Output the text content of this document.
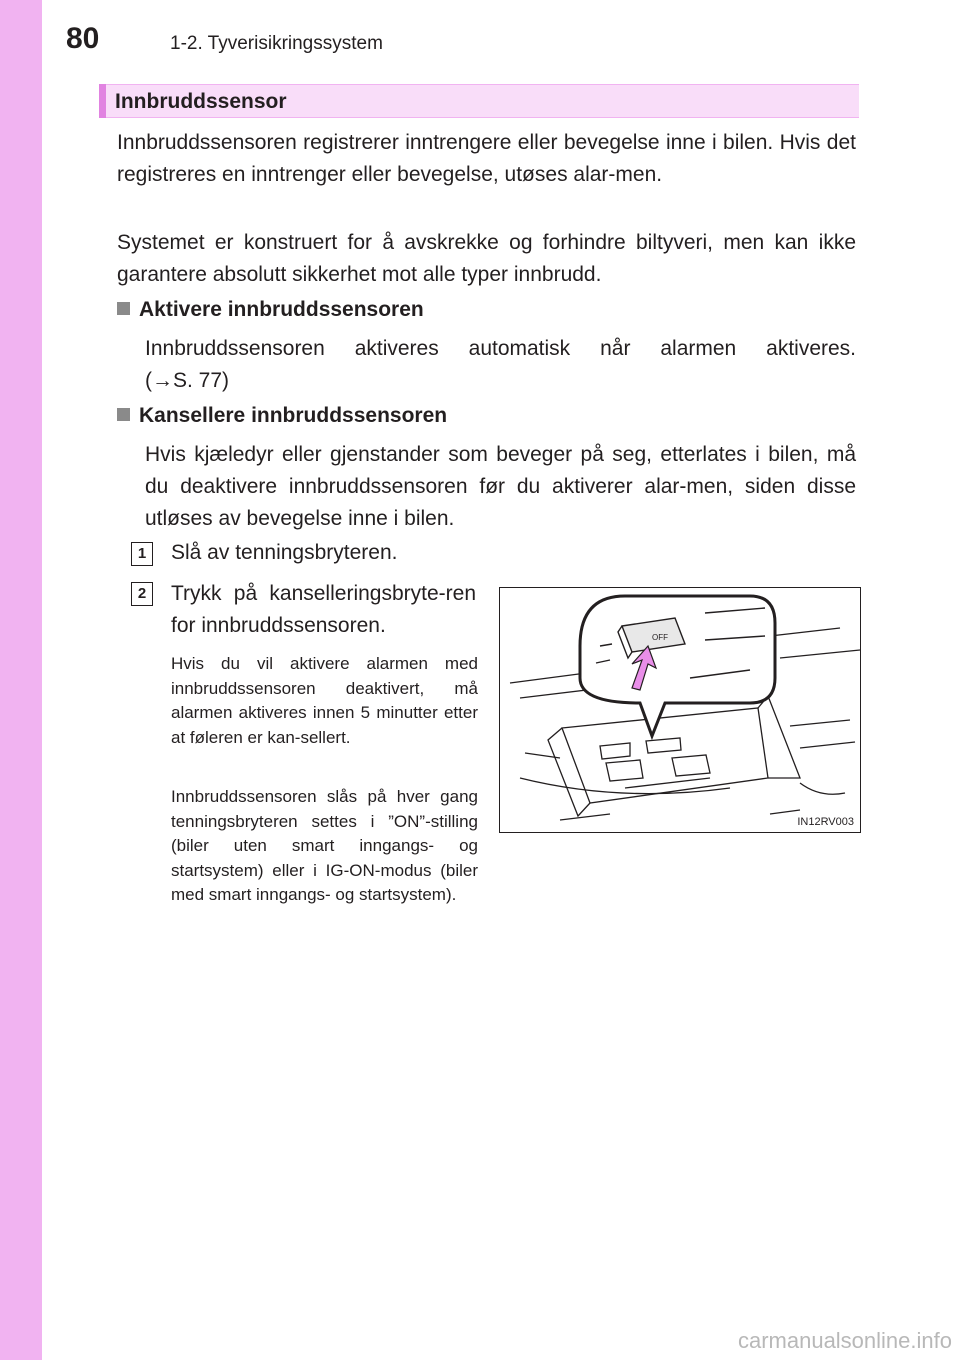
80	1-2. Tyverisikringssystem
Innbruddssensor

Innbruddssensoren registrerer inntrengere eller bevegelse inne i bilen. Hvis det registreres en inntrenger eller bevegelse, utøses alar-men.

Systemet er konstruert for å avskrekke og forhindre biltyveri, men kan ikke garantere absolutt sikkerhet mot alle typer innbrudd.

Aktivere innbruddssensoren

Innbruddssensoren aktiveres automatisk når alarmen aktiveres.

(→S. 77)

Kansellere innbruddssensoren

Hvis kjæledyr eller gjenstander som beveger på seg, etterlates i bilen, må du deaktivere innbruddssensoren før du aktiverer alar-men, siden disse utløses av bevegelse inne i bilen.

1	Slå av tenningsbryteren.

2	Trykk på kanselleringsbryte-ren for innbruddssensoren.

Hvis du vil aktivere alarmen med innbruddssensoren deaktivert, må alarmen aktiveres innen 5 minutter etter at føleren er kan-sellert.

Innbruddssensoren slås på hver gang tenningsbryteren settes i ”ON”-stilling (biler uten smart inngangs- og startsystem) eller i IG-ON-modus (biler med smart inngangs- og startsystem).

OFF
IN12RV003
carmanualsonline.info
